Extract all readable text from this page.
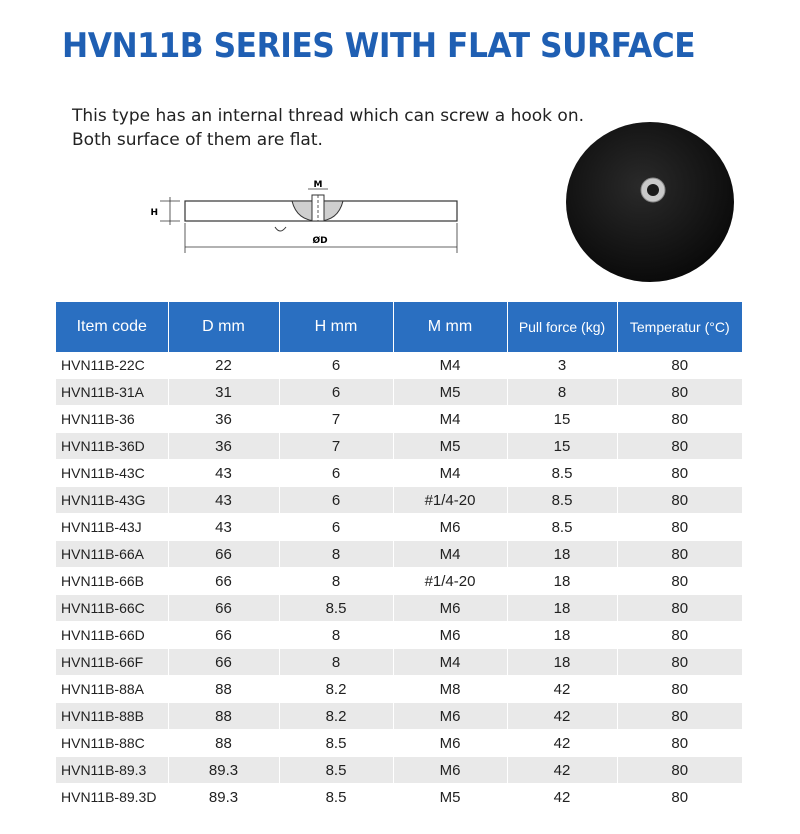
HVN11B SERIES WITH FLAT SURFACE
This type has an internal thread which can screw a hook on.
Both surface of them are flat.
M
H
ØD
Item code	D mm	H mm	M mm	Pull force (kg)	Temperatur (°C)
HVN11B-22C	22	6	M4	3	80
HVN11B-31A	31	6	M5	8	80
HVN11B-36	36	7	M4	15	80
HVN11B-36D	36	7	M5	15	80
HVN11B-43C	43	6	M4	8.5	80
HVN11B-43G	43	6	#1/4-20	8.5	80
HVN11B-43J	43	6	M6	8.5	80
HVN11B-66A	66	8	M4	18	80
HVN11B-66B	66	8	#1/4-20	18	80
HVN11B-66C	66	8.5	M6	18	80
HVN11B-66D	66	8	M6	18	80
HVN11B-66F	66	8	M4	18	80
HVN11B-88A	88	8.2	M8	42	80
HVN11B-88B	88	8.2	M6	42	80
HVN11B-88C	88	8.5	M6	42	80
HVN11B-89.3	89.3	8.5	M6	42	80
HVN11B-89.3D	89.3	8.5	M5	42	80
